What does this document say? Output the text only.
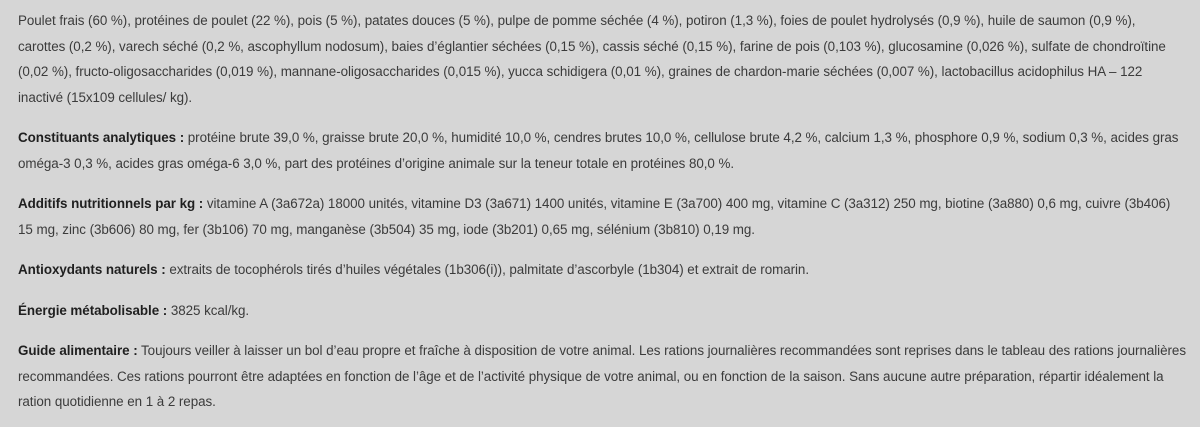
Poulet frais (60 %), protéines de poulet (22 %), pois (5 %), patates douces (5 %), pulpe de pomme séchée (4 %), potiron (1,3 %), foies de poulet hydrolysés (0,9 %), huile de saumon (0,9 %), carottes (0,2 %), varech séché (0,2 %, ascophyllum nodosum), baies d’églantier séchées (0,15 %), cassis séché (0,15 %), farine de pois (0,103 %), glucosamine (0,026 %), sulfate de chondroïtine (0,02 %), fructo-oligosaccharides (0,019 %), mannane-oligosaccharides (0,015 %), yucca schidigera (0,01 %), graines de chardon-marie séchées (0,007 %), lactobacillus acidophilus HA – 122 inactivé (15x109 cellules/ kg).

Constituants analytiques : protéine brute 39,0 %, graisse brute 20,0 %, humidité 10,0 %, cendres brutes 10,0 %, cellulose brute 4,2 %, calcium 1,3 %, phosphore 0,9 %, sodium 0,3 %, acides gras oméga-3 0,3 %, acides gras oméga-6 3,0 %, part des protéines d’origine animale sur la teneur totale en protéines 80,0 %.

Additifs nutritionnels par kg : vitamine A (3a672a) 18000 unités, vitamine D3 (3a671) 1400 unités, vitamine E (3a700) 400 mg, vitamine C (3a312) 250 mg, biotine (3a880) 0,6 mg, cuivre (3b406) 15 mg, zinc (3b606) 80 mg, fer (3b106) 70 mg, manganèse (3b504) 35 mg, iode (3b201) 0,65 mg, sélénium (3b810) 0,19 mg.

Antioxydants naturels : extraits de tocophérols tirés d’huiles végétales (1b306(i)), palmitate d’ascorbyle (1b304) et extrait de romarin.

Énergie métabolisable : 3825 kcal/kg.

Guide alimentaire : Toujours veiller à laisser un bol d’eau propre et fraîche à disposition de votre animal. Les rations journalières recommandées sont reprises dans le tableau des rations journalières recommandées. Ces rations pourront être adaptées en fonction de l’âge et de l’activité physique de votre animal, ou en fonction de la saison. Sans aucune autre préparation, répartir idéalement la ration quotidienne en 1 à 2 repas.
